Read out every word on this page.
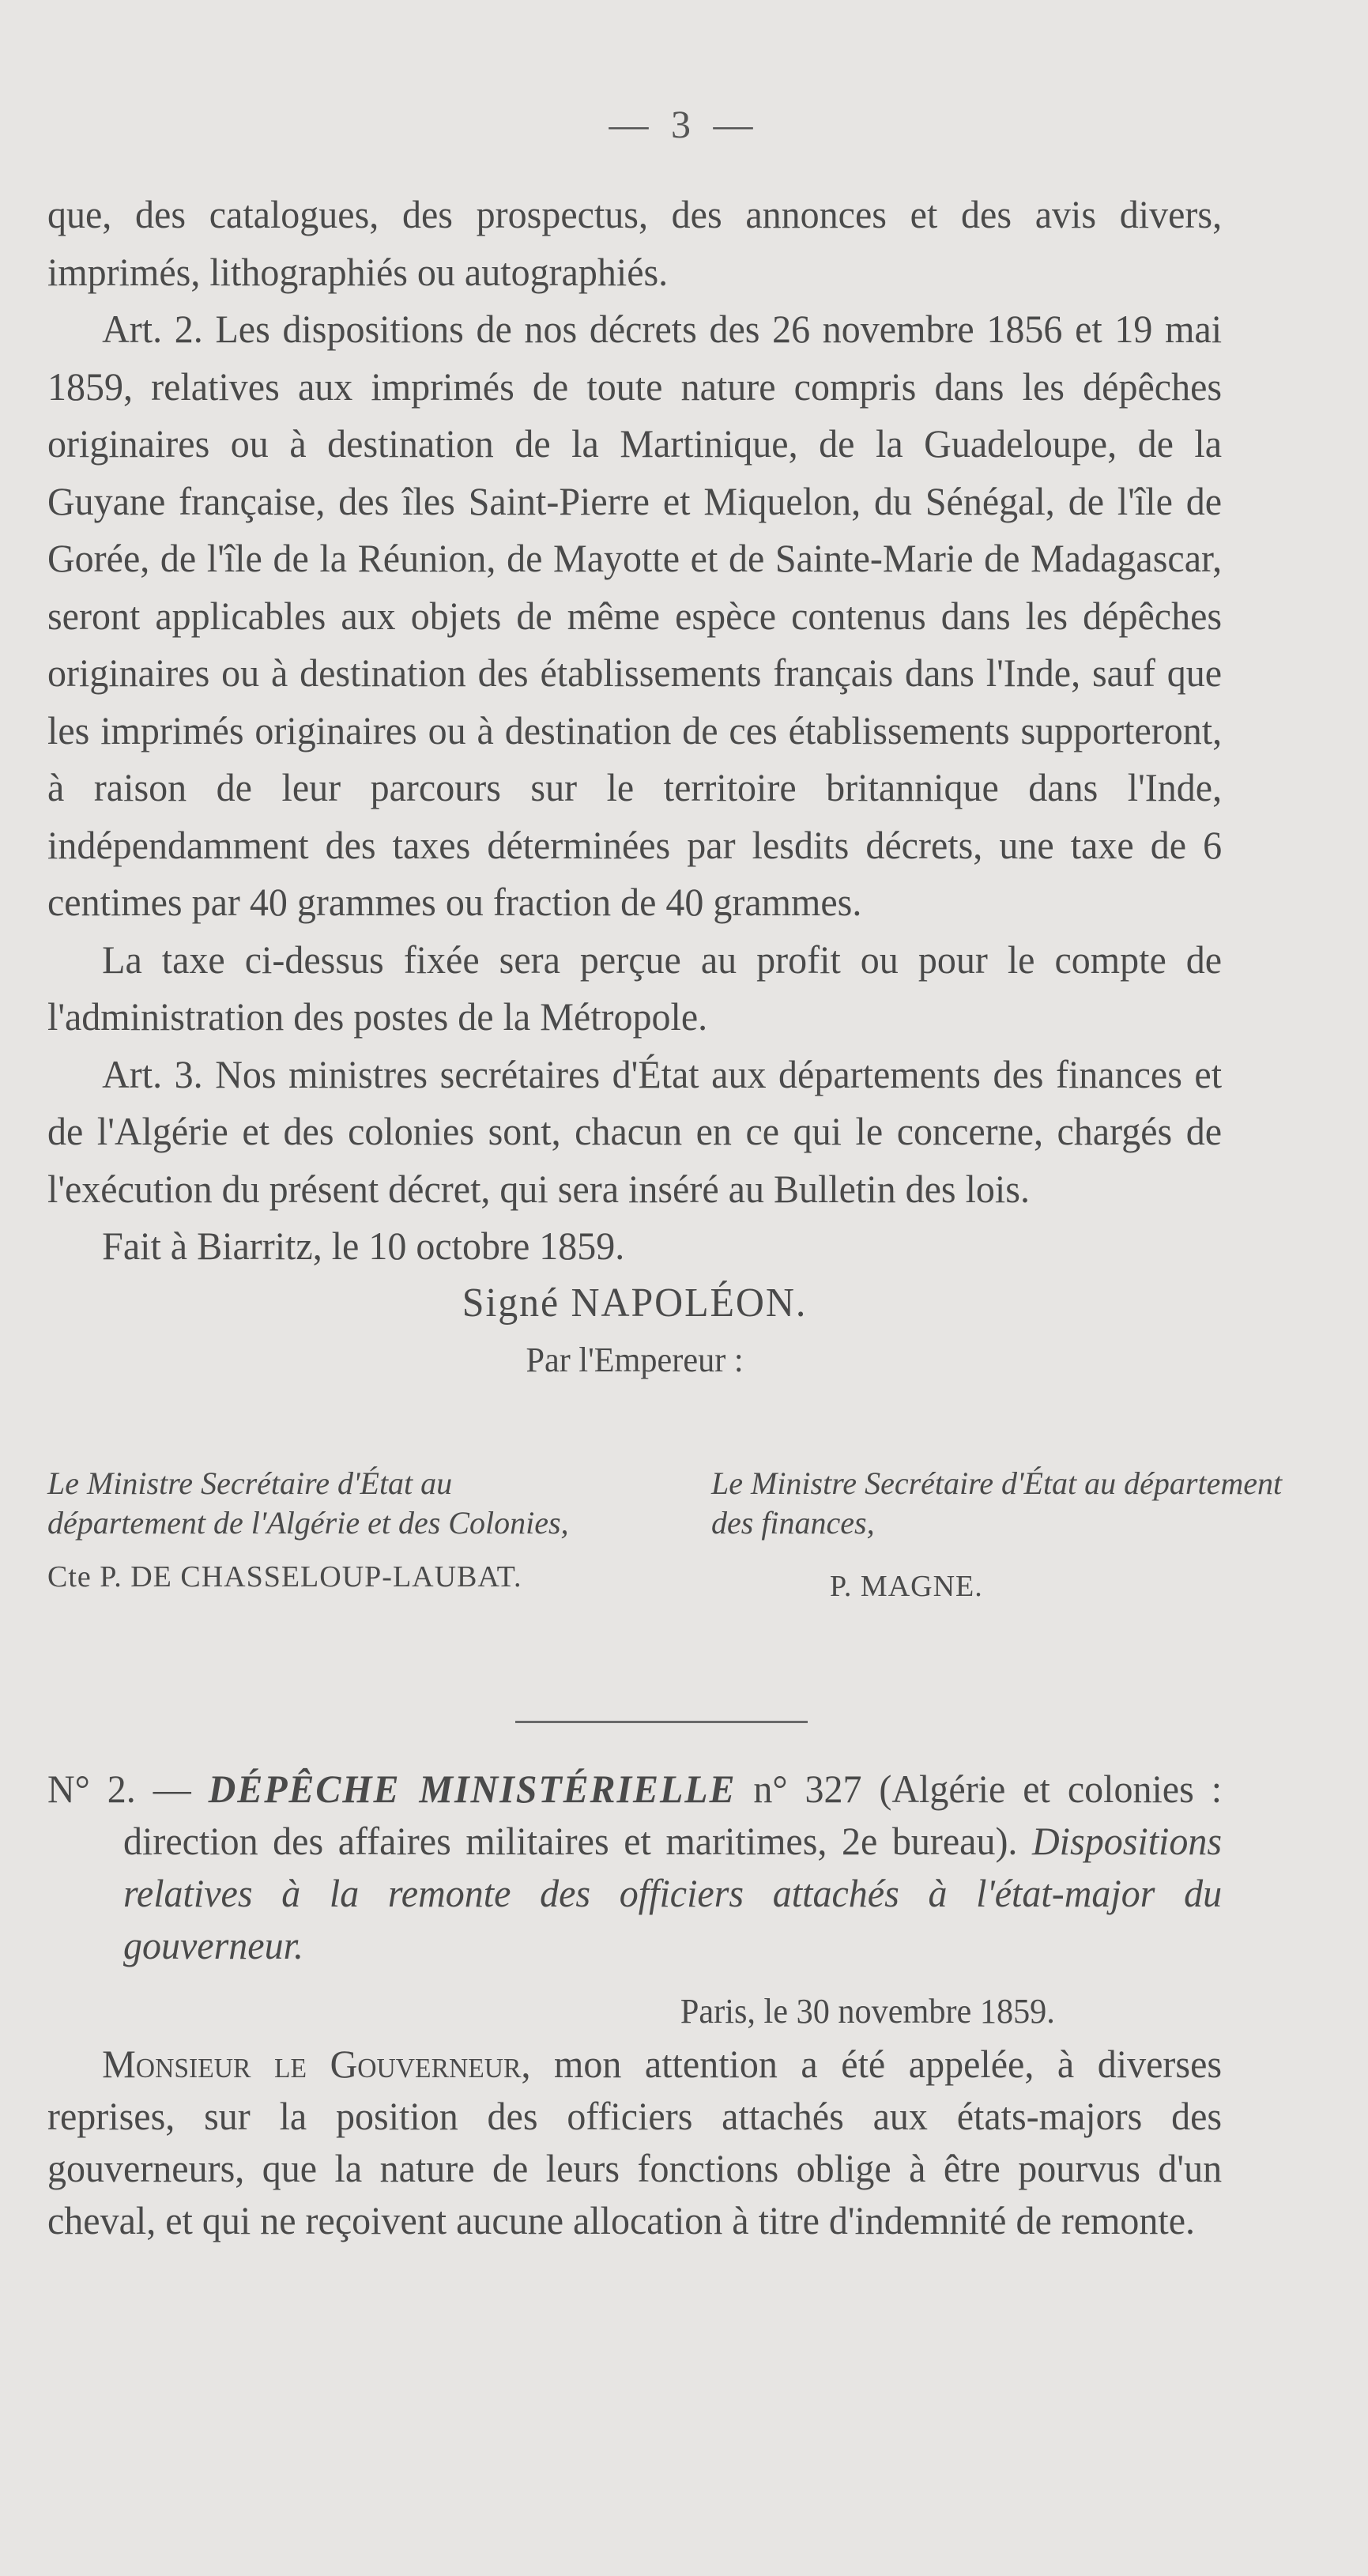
— 3 —

que, des catalogues, des prospectus, des annonces et des avis divers, imprimés, lithographiés ou autographiés.

Art. 2. Les dispositions de nos décrets des 26 novembre 1856 et 19 mai 1859, relatives aux imprimés de toute nature compris dans les dépêches originaires ou à destination de la Martinique, de la Guadeloupe, de la Guyane française, des îles Saint-Pierre et Miquelon, du Sénégal, de l'île de Gorée, de l'île de la Réunion, de Mayotte et de Sainte-Marie de Madagascar, seront applicables aux objets de même espèce contenus dans les dépêches originaires ou à destination des établissements français dans l'Inde, sauf que les imprimés originaires ou à destination de ces établissements supporteront, à raison de leur parcours sur le territoire britannique dans l'Inde, indépendamment des taxes déterminées par lesdits décrets, une taxe de 6 centimes par 40 grammes ou fraction de 40 grammes.

La taxe ci-dessus fixée sera perçue au profit ou pour le compte de l'administration des postes de la Métropole.

Art. 3. Nos ministres secrétaires d'État aux départements des finances et de l'Algérie et des colonies sont, chacun en ce qui le concerne, chargés de l'exécution du présent décret, qui sera inséré au Bulletin des lois.

Fait à Biarritz, le 10 octobre 1859.

Signé NAPOLÉON.

Par l'Empereur :

Le Ministre Secrétaire d'État au département de l'Algérie et des Colonies,
Cte P. DE CHASSELOUP-LAUBAT.
Le Ministre Secrétaire d'État au département des finances,
P. MAGNE.

N° 2. — DÉPÊCHE MINISTÉRIELLE n° 327 (Algérie et colonies : direction des affaires militaires et maritimes, 2e bureau). Dispositions relatives à la remonte des officiers attachés à l'état-major du gouverneur.

Paris, le 30 novembre 1859.

Monsieur le Gouverneur, mon attention a été appelée, à diverses reprises, sur la position des officiers attachés aux états-majors des gouverneurs, que la nature de leurs fonctions oblige à être pourvus d'un cheval, et qui ne reçoivent aucune allocation à titre d'indemnité de remonte.
